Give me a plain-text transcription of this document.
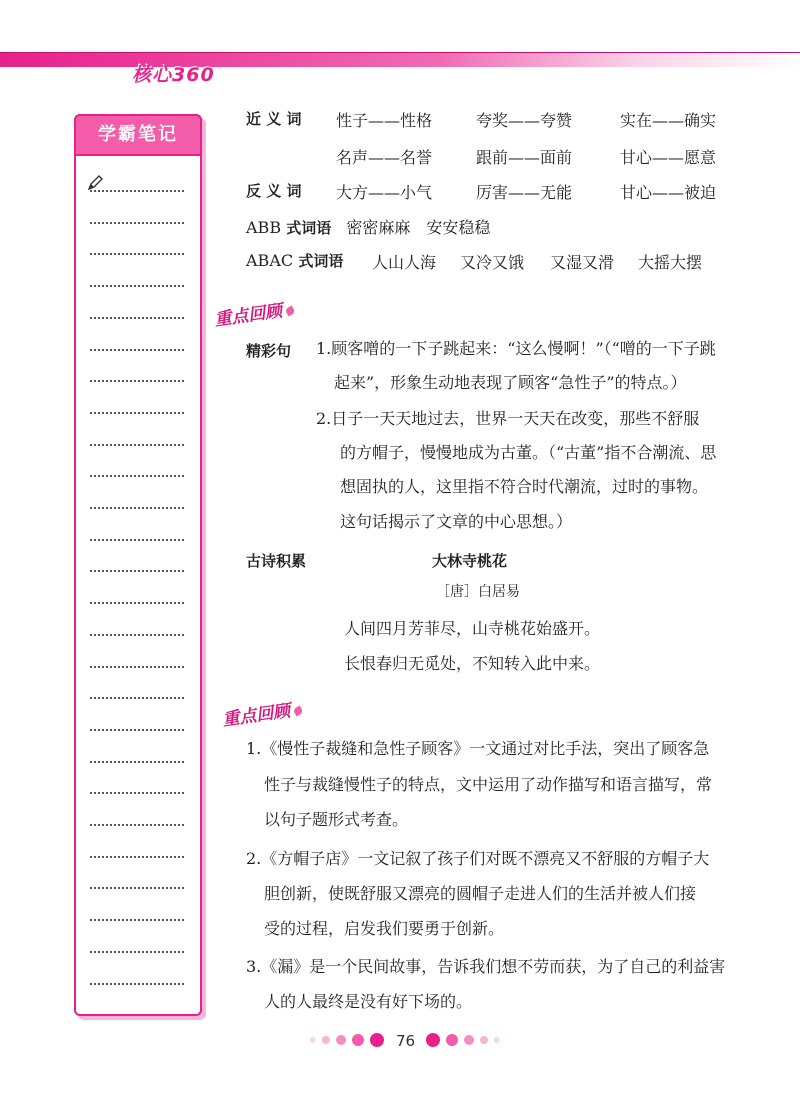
核心360
学霸笔记
近 义 词 性子——性格	夸奖——夸赞	实在——确实
名声——名誉	跟前——面前	甘心——愿意
反 义 词 大方——小气	厉害——无能	甘心——被迫
ABB 式词语 密密麻麻　安安稳稳
ABAC 式词语 人山人海 又冷又饿 又湿又滑 大摇大摆
重点回顾
精彩句 1.顾客噌的一下子跳起来：“这么慢啊！”（“噌的一下子跳
起来”，形象生动地表现了顾客“急性子”的特点。）
2.日子一天天地过去，世界一天天在改变，那些不舒服
的方帽子，慢慢地成为古董。（“古董”指不合潮流、思
想固执的人，这里指不符合时代潮流，过时的事物。
这句话揭示了文章的中心思想。）
古诗积累	大林寺桃花
［唐］白居易
人间四月芳菲尽，山寺桃花始盛开。
长恨春归无觅处，不知转入此中来。
重点回顾
1.《慢性子裁缝和急性子顾客》一文通过对比手法，突出了顾客急
性子与裁缝慢性子的特点，文中运用了动作描写和语言描写，常
以句子题形式考查。
2.《方帽子店》一文记叙了孩子们对既不漂亮又不舒服的方帽子大
胆创新，使既舒服又漂亮的圆帽子走进人们的生活并被人们接
受的过程，启发我们要勇于创新。
3.《漏》是一个民间故事，告诉我们想不劳而获，为了自己的利益害
人的人最终是没有好下场的。
76
